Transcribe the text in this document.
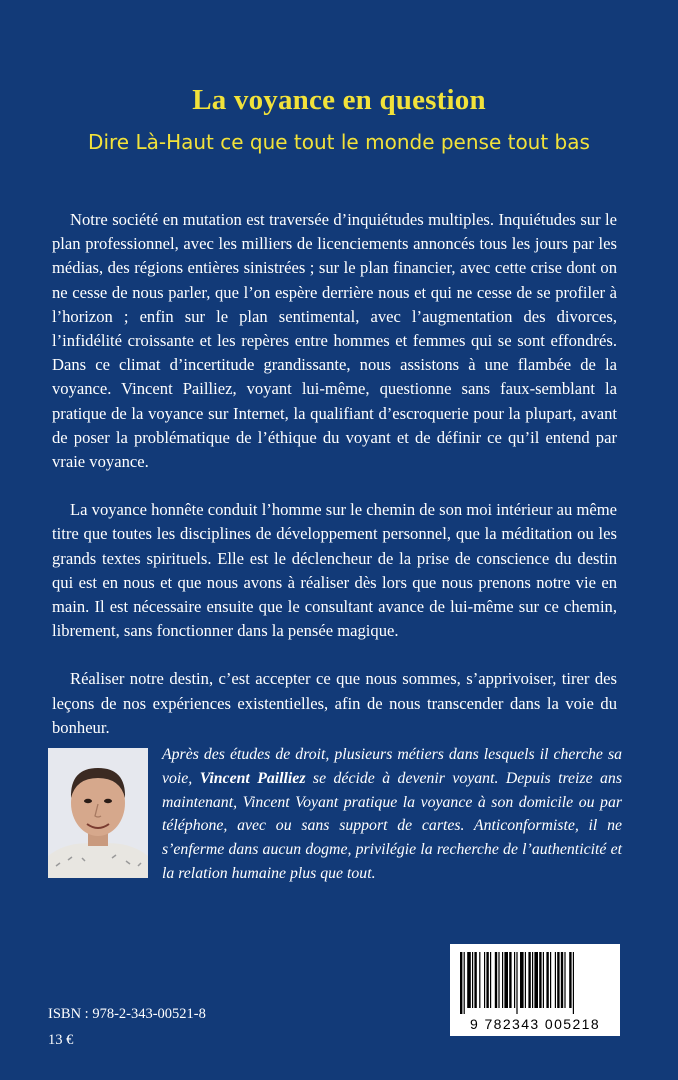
La voyance en question
Dire Là-Haut ce que tout le monde pense tout bas

Notre société en mutation est traversée d’inquiétudes multiples. Inquiétudes sur le plan professionnel, avec les milliers de licenciements annoncés tous les jours par les médias, des régions entières sinistrées ; sur le plan financier, avec cette crise dont on ne cesse de nous parler, que l’on espère derrière nous et qui ne cesse de se profiler à l’horizon ; enfin sur le plan sentimental, avec l’augmentation des divorces, l’infidélité croissante et les repères entre hommes et femmes qui se sont effondrés. Dans ce climat d’incertitude grandissante, nous assistons à une flambée de la voyance. Vincent Pailliez, voyant lui-même, questionne sans faux-semblant la pratique de la voyance sur Internet, la qualifiant d’escroquerie pour la plupart, avant de poser la problématique de l’éthique du voyant et de définir ce qu’il entend par vraie voyance.

La voyance honnête conduit l’homme sur le chemin de son moi intérieur au même titre que toutes les disciplines de développement personnel, que la méditation ou les grands textes spirituels. Elle est le déclencheur de la prise de conscience du destin qui est en nous et que nous avons à réaliser dès lors que nous prenons notre vie en main. Il est nécessaire ensuite que le consultant avance de lui-même sur ce chemin, librement, sans fonctionner dans la pensée magique.

Réaliser notre destin, c’est accepter ce que nous sommes, s’apprivoiser, tirer des leçons de nos expériences existentielles, afin de nous transcender dans la voie du bonheur.

Après des études de droit, plusieurs métiers dans lesquels il cherche sa voie, Vincent Pailliez se décide à devenir voyant. Depuis treize ans maintenant, Vincent Voyant pratique la voyance à son domicile ou par téléphone, avec ou sans support de cartes. Anticonformiste, il ne s’enferme dans aucun dogme, privilégie la recherche de l’authenticité et la relation humaine plus que tout.
ISBN : 978-2-343-00521-8
13 €
9 782343 005218
